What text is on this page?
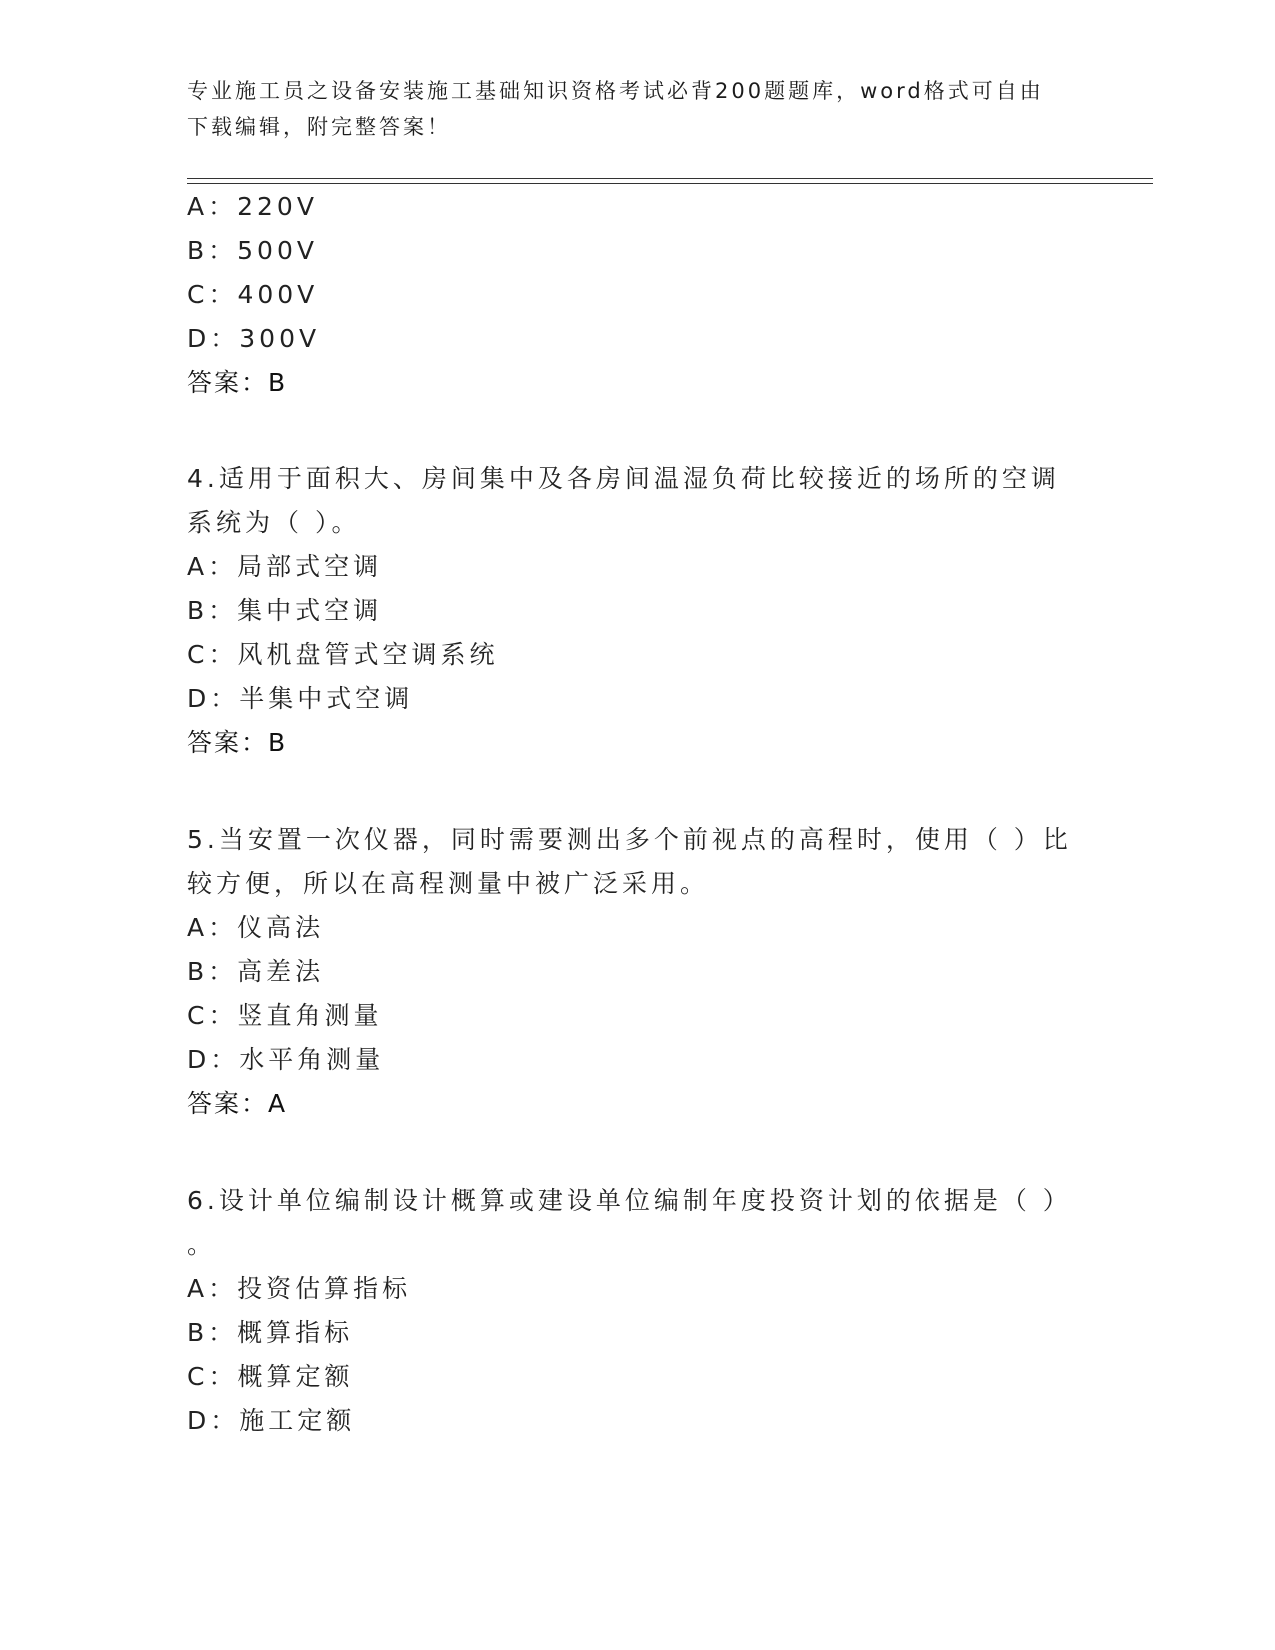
专业施工员之设备安装施工基础知识资格考试必背200题题库，word格式可自由
下载编辑，附完整答案！
A：220V
B：500V
C：400V
D：300V
答案：B
4.适用于面积大、房间集中及各房间温湿负荷比较接近的场所的空调
系统为（ ）。
A：局部式空调
B：集中式空调
C：风机盘管式空调系统
D：半集中式空调
答案：B
5.当安置一次仪器，同时需要测出多个前视点的高程时，使用（ ）比
较方便，所以在高程测量中被广泛采用。
A：仪高法
B：高差法
C：竖直角测量
D：水平角测量
答案：A
6.设计单位编制设计概算或建设单位编制年度投资计划的依据是（ ）
。
A：投资估算指标
B：概算指标
C：概算定额
D：施工定额
